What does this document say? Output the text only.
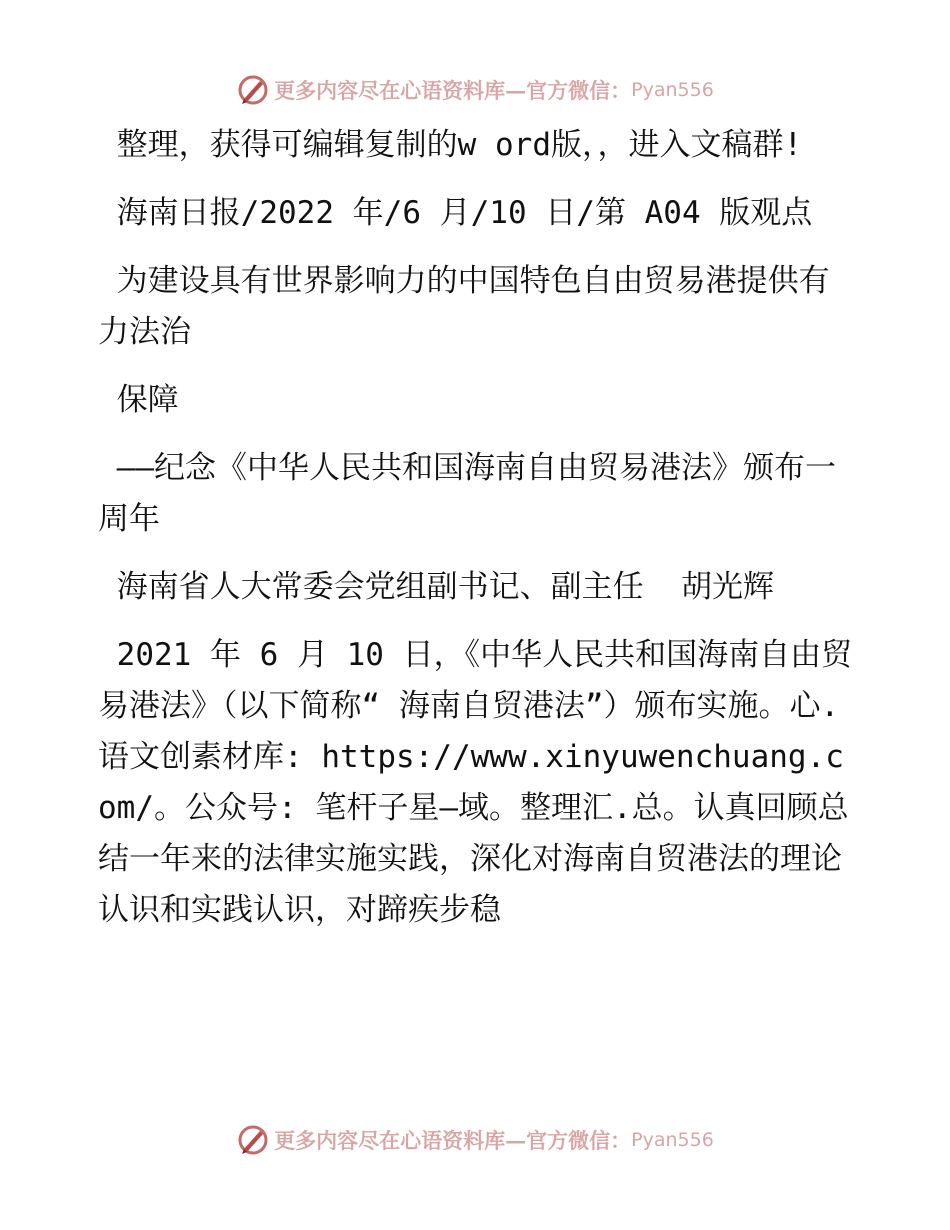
更多内容尽在心语资料库—官方微信： Pyan556

整理，获得可编辑复制的w ord版，，进入文稿群!

海南日报/2022 年/6 月/10 日/第 A04 版观点

为建设具有世界影响力的中国特色自由贸易港提供有力法治

保障

——纪念《中华人民共和国海南自由贸易港法》颁布一周年

海南省人大常委会党组副书记、副主任  胡光辉

2021 年 6 月 10 日，《中华人民共和国海南自由贸易港法》（以下简称“ 海南自贸港法”）颁布实施。心.语文创素材库: https://www.xinyuwenchuang.com/。公众号: 笔杆子星—域。整理汇.总。认真回顾总结一年来的法律实施实践，深化对海南自贸港法的理论认识和实践认识，对蹄疾步稳

更多内容尽在心语资料库—官方微信： Pyan556
